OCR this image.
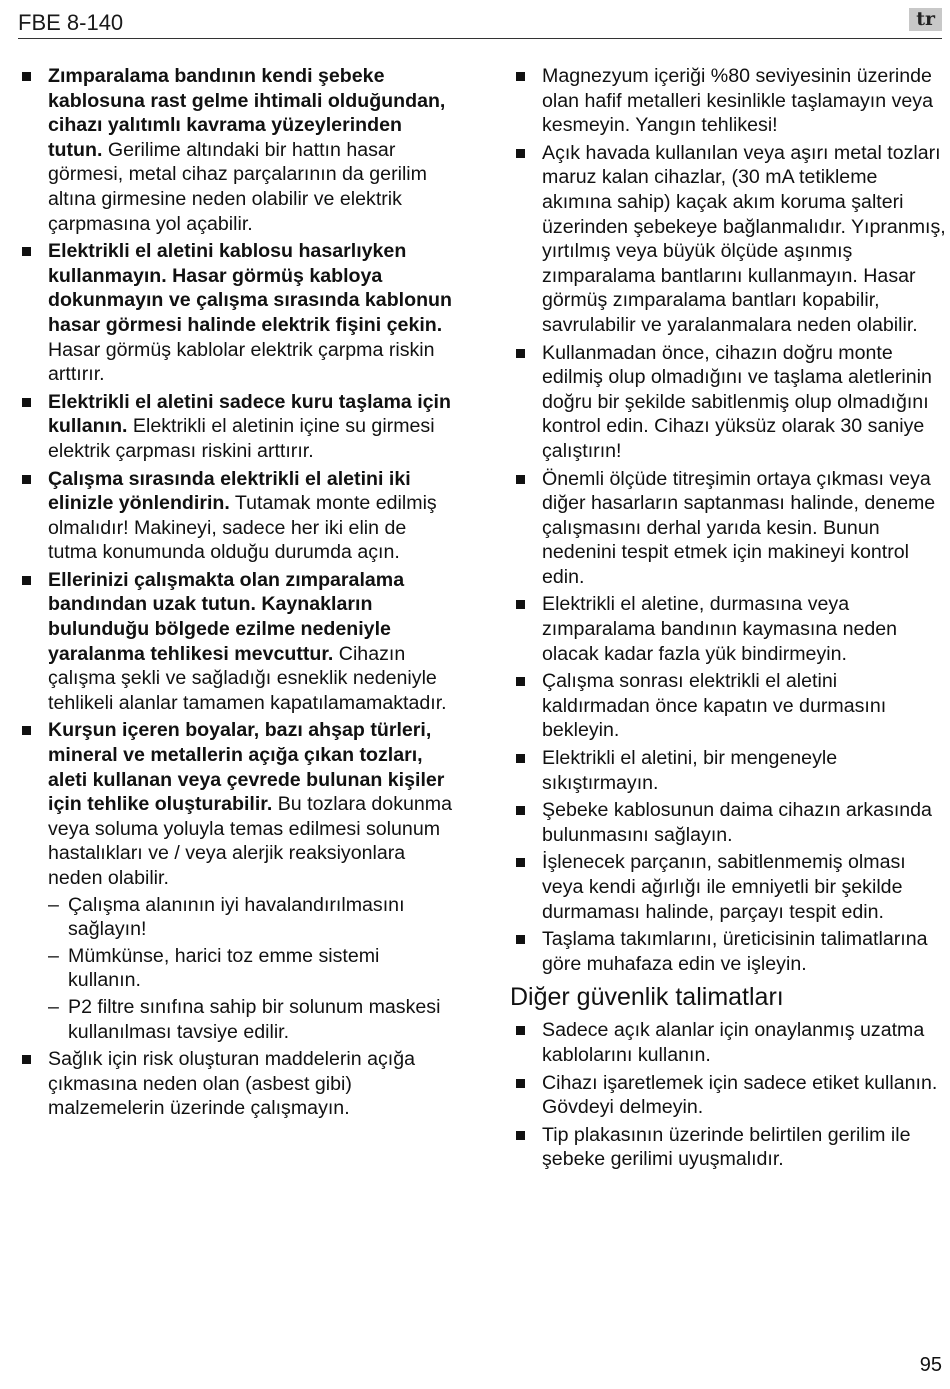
FBE 8-140	tr
Zımparalama bandının kendi şebeke kablosuna rast gelme ihtimali olduğundan, cihazı yalıtımlı kavrama yüzeylerinden tutun. Gerilime altındaki bir hattın hasar görmesi, metal cihaz parçalarının da gerilim altına girmesine neden olabilir ve elektrik çarpmasına yol açabilir.
Elektrikli el aletini kablosu hasarlıyken kullanmayın. Hasar görmüş kabloya dokunmayın ve çalışma sırasında kablonun hasar görmesi halinde elektrik fişini çekin. Hasar görmüş kablolar elektrik çarpma riskin arttırır.
Elektrikli el aletini sadece kuru taşlama için kullanın. Elektrikli el aletinin içine su girmesi elektrik çarpması riskini arttırır.
Çalışma sırasında elektrikli el aletini iki elinizle yönlendirin. Tutamak monte edilmiş olmalıdır! Makineyi, sadece her iki elin de tutma konumunda olduğu durumda açın.
Ellerinizi çalışmakta olan zımparalama bandından uzak tutun. Kaynakların bulunduğu bölgede ezilme nedeniyle yaralanma tehlikesi mevcuttur. Cihazın çalışma şekli ve sağladığı esneklik nedeniyle tehlikeli alanlar tamamen kapatılamamaktadır.
Kurşun içeren boyalar, bazı ahşap türleri, mineral ve metallerin açığa çıkan tozları, aleti kullanan veya çevrede bulunan kişiler için tehlike oluşturabilir. Bu tozlara dokunma veya soluma yoluyla temas edilmesi solunum hastalıkları ve / veya alerjik reaksiyonlara neden olabilir.
– Çalışma alanının iyi havalandırılmasını sağlayın!
– Mümkünse, harici toz emme sistemi kullanın.
– P2 filtre sınıfına sahip bir solunum maskesi kullanılması tavsiye edilir.
Sağlık için risk oluşturan maddelerin açığa çıkmasına neden olan (asbest gibi) malzemelerin üzerinde çalışmayın.
Magnezyum içeriği %80 seviyesinin üzerinde olan hafif metalleri kesinlikle taşlamayın veya kesmeyin. Yangın tehlikesi!
Açık havada kullanılan veya aşırı metal tozları maruz kalan cihazlar, (30 mA tetikleme akımına sahip) kaçak akım koruma şalteri üzerinden şebekeye bağlanmalıdır. Yıpranmış, yırtılmış veya büyük ölçüde aşınmış zımparalama bantlarını kullanmayın. Hasar görmüş zımparalama bantları kopabilir, savrulabilir ve yaralanmalara neden olabilir.
Kullanmadan önce, cihazın doğru monte edilmiş olup olmadığını ve taşlama aletlerinin doğru bir şekilde sabitlenmiş olup olmadığını kontrol edin. Cihazı yüksüz olarak 30 saniye çalıştırın!
Önemli ölçüde titreşimin ortaya çıkması veya diğer hasarların saptanması halinde, deneme çalışmasını derhal yarıda kesin. Bunun nedenini tespit etmek için makineyi kontrol edin.
Elektrikli el aletine, durmasına veya zımparalama bandının kaymasına neden olacak kadar fazla yük bindirmeyin.
Çalışma sonrası elektrikli el aletini kaldırmadan önce kapatın ve durmasını bekleyin.
Elektrikli el aletini, bir mengeneyle sıkıştırmayın.
Şebeke kablosunun daima cihazın arkasında bulunmasını sağlayın.
İşlenecek parçanın, sabitlenmemiş olması veya kendi ağırlığı ile emniyetli bir şekilde durmaması halinde, parçayı tespit edin.
Taşlama takımlarını, üreticisinin talimatlarına göre muhafaza edin ve işleyin.
Diğer güvenlik talimatları
Sadece açık alanlar için onaylanmış uzatma kablolarını kullanın.
Cihazı işaretlemek için sadece etiket kullanın. Gövdeyi delmeyin.
Tip plakasının üzerinde belirtilen gerilim ile şebeke gerilimi uyuşmalıdır.
95
